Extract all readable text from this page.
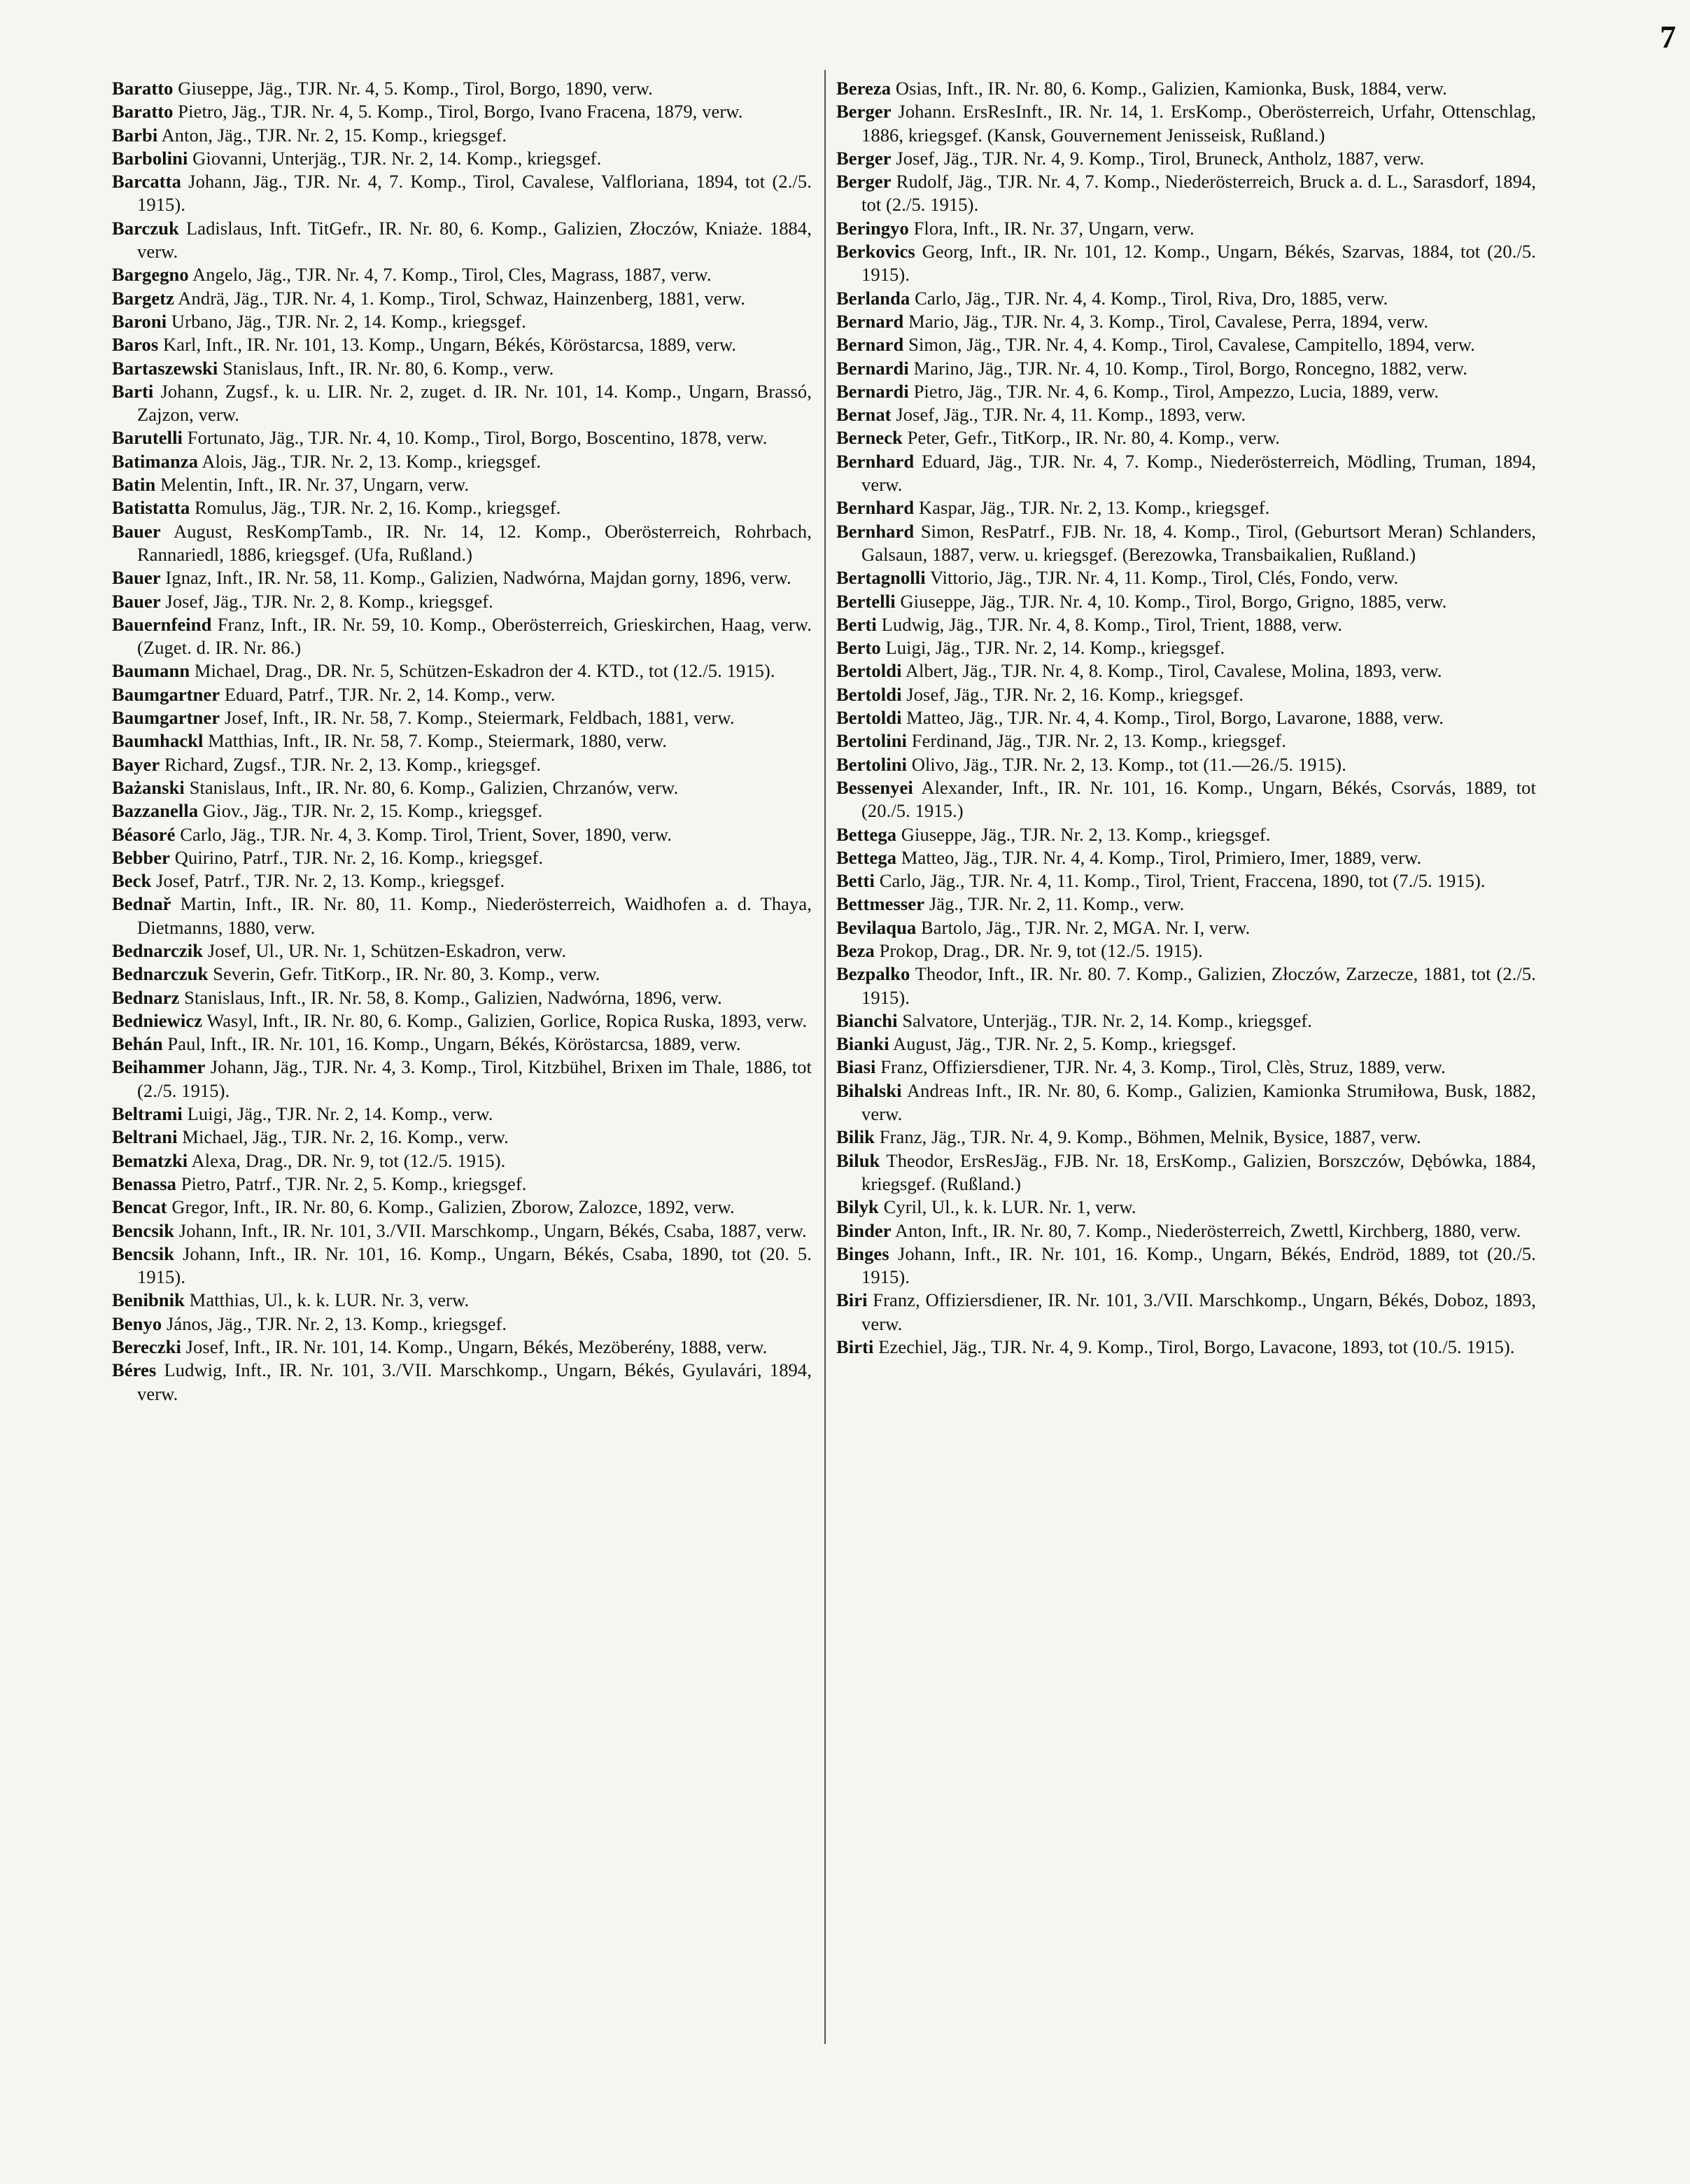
7

Baratto Giuseppe, Jäg., TJR. Nr. 4, 5. Komp., Tirol, Borgo, 1890, verw.

Baratto Pietro, Jäg., TJR. Nr. 4, 5. Komp., Tirol, Borgo, Ivano Fracena, 1879, verw.

Barbi Anton, Jäg., TJR. Nr. 2, 15. Komp., kriegsgef.

Barbolini Giovanni, Unterjäg., TJR. Nr. 2, 14. Komp., kriegsgef.

Barcatta Johann, Jäg., TJR. Nr. 4, 7. Komp., Tirol, Cavalese, Valfloriana, 1894, tot (2./5. 1915).

Barczuk Ladislaus, Inft. TitGefr., IR. Nr. 80, 6. Komp., Galizien, Złoczów, Kniaże. 1884, verw.

Bargegno Angelo, Jäg., TJR. Nr. 4, 7. Komp., Tirol, Cles, Magrass, 1887, verw.

Bargetz Andrä, Jäg., TJR. Nr. 4, 1. Komp., Tirol, Schwaz, Hainzenberg, 1881, verw.

Baroni Urbano, Jäg., TJR. Nr. 2, 14. Komp., kriegsgef.

Baros Karl, Inft., IR. Nr. 101, 13. Komp., Ungarn, Békés, Köröstarcsa, 1889, verw.

Bartaszewski Stanislaus, Inft., IR. Nr. 80, 6. Komp., verw.

Barti Johann, Zugsf., k. u. LIR. Nr. 2, zuget. d. IR. Nr. 101, 14. Komp., Ungarn, Brassó, Zajzon, verw.

Barutelli Fortunato, Jäg., TJR. Nr. 4, 10. Komp., Tirol, Borgo, Boscentino, 1878, verw.

Batimanza Alois, Jäg., TJR. Nr. 2, 13. Komp., kriegsgef.

Batin Melentin, Inft., IR. Nr. 37, Ungarn, verw.

Batistatta Romulus, Jäg., TJR. Nr. 2, 16. Komp., kriegsgef.

Bauer August, ResKompTamb., IR. Nr. 14, 12. Komp., Oberösterreich, Rohrbach, Rannariedl, 1886, kriegsgef. (Ufa, Rußland.)

Bauer Ignaz, Inft., IR. Nr. 58, 11. Komp., Galizien, Nadwórna, Majdan gorny, 1896, verw.

Bauer Josef, Jäg., TJR. Nr. 2, 8. Komp., kriegsgef.

Bauernfeind Franz, Inft., IR. Nr. 59, 10. Komp., Oberösterreich, Grieskirchen, Haag, verw. (Zuget. d. IR. Nr. 86.)

Baumann Michael, Drag., DR. Nr. 5, Schützen-Eskadron der 4. KTD., tot (12./5. 1915).

Baumgartner Eduard, Patrf., TJR. Nr. 2, 14. Komp., verw.

Baumgartner Josef, Inft., IR. Nr. 58, 7. Komp., Steiermark, Feldbach, 1881, verw.

Baumhackl Matthias, Inft., IR. Nr. 58, 7. Komp., Steiermark, 1880, verw.

Bayer Richard, Zugsf., TJR. Nr. 2, 13. Komp., kriegsgef.

Bażanski Stanislaus, Inft., IR. Nr. 80, 6. Komp., Galizien, Chrzanów, verw.

Bazzanella Giov., Jäg., TJR. Nr. 2, 15. Komp., kriegsgef.

Béasoré Carlo, Jäg., TJR. Nr. 4, 3. Komp. Tirol, Trient, Sover, 1890, verw.

Bebber Quirino, Patrf., TJR. Nr. 2, 16. Komp., kriegsgef.

Beck Josef, Patrf., TJR. Nr. 2, 13. Komp., kriegsgef.

Bednař Martin, Inft., IR. Nr. 80, 11. Komp., Niederösterreich, Waidhofen a. d. Thaya, Dietmanns, 1880, verw.

Bednarczik Josef, Ul., UR. Nr. 1, Schützen-Eskadron, verw.

Bednarczuk Severin, Gefr. TitKorp., IR. Nr. 80, 3. Komp., verw.

Bednarz Stanislaus, Inft., IR. Nr. 58, 8. Komp., Galizien, Nadwórna, 1896, verw.

Bedniewicz Wasyl, Inft., IR. Nr. 80, 6. Komp., Galizien, Gorlice, Ropica Ruska, 1893, verw.

Behán Paul, Inft., IR. Nr. 101, 16. Komp., Ungarn, Békés, Köröstarcsa, 1889, verw.

Beihammer Johann, Jäg., TJR. Nr. 4, 3. Komp., Tirol, Kitzbühel, Brixen im Thale, 1886, tot (2./5. 1915).

Beltrami Luigi, Jäg., TJR. Nr. 2, 14. Komp., verw.

Beltrani Michael, Jäg., TJR. Nr. 2, 16. Komp., verw.

Bematzki Alexa, Drag., DR. Nr. 9, tot (12./5. 1915).

Benassa Pietro, Patrf., TJR. Nr. 2, 5. Komp., kriegsgef.

Bencat Gregor, Inft., IR. Nr. 80, 6. Komp., Galizien, Zborow, Zalozce, 1892, verw.

Bencsik Johann, Inft., IR. Nr. 101, 3./VII. Marschkomp., Ungarn, Békés, Csaba, 1887, verw.

Bencsik Johann, Inft., IR. Nr. 101, 16. Komp., Ungarn, Békés, Csaba, 1890, tot (20. 5. 1915).

Benibnik Matthias, Ul., k. k. LUR. Nr. 3, verw.

Benyo János, Jäg., TJR. Nr. 2, 13. Komp., kriegsgef.

Bereczki Josef, Inft., IR. Nr. 101, 14. Komp., Ungarn, Békés, Mezöberény, 1888, verw.

Béres Ludwig, Inft., IR. Nr. 101, 3./VII. Marschkomp., Ungarn, Békés, Gyulavári, 1894, verw.

Bereza Osias, Inft., IR. Nr. 80, 6. Komp., Galizien, Kamionka, Busk, 1884, verw.

Berger Johann. ErsResInft., IR. Nr. 14, 1. ErsKomp., Oberösterreich, Urfahr, Ottenschlag, 1886, kriegsgef. (Kansk, Gouvernement Jenisseisk, Rußland.)

Berger Josef, Jäg., TJR. Nr. 4, 9. Komp., Tirol, Bruneck, Antholz, 1887, verw.

Berger Rudolf, Jäg., TJR. Nr. 4, 7. Komp., Niederösterreich, Bruck a. d. L., Sarasdorf, 1894, tot (2./5. 1915).

Beringyo Flora, Inft., IR. Nr. 37, Ungarn, verw.

Berkovics Georg, Inft., IR. Nr. 101, 12. Komp., Ungarn, Békés, Szarvas, 1884, tot (20./5. 1915).

Berlanda Carlo, Jäg., TJR. Nr. 4, 4. Komp., Tirol, Riva, Dro, 1885, verw.

Bernard Mario, Jäg., TJR. Nr. 4, 3. Komp., Tirol, Cavalese, Perra, 1894, verw.

Bernard Simon, Jäg., TJR. Nr. 4, 4. Komp., Tirol, Cavalese, Campitello, 1894, verw.

Bernardi Marino, Jäg., TJR. Nr. 4, 10. Komp., Tirol, Borgo, Roncegno, 1882, verw.

Bernardi Pietro, Jäg., TJR. Nr. 4, 6. Komp., Tirol, Ampezzo, Lucia, 1889, verw.

Bernat Josef, Jäg., TJR. Nr. 4, 11. Komp., 1893, verw.

Berneck Peter, Gefr., TitKorp., IR. Nr. 80, 4. Komp., verw.

Bernhard Eduard, Jäg., TJR. Nr. 4, 7. Komp., Niederösterreich, Mödling, Truman, 1894, verw.

Bernhard Kaspar, Jäg., TJR. Nr. 2, 13. Komp., kriegsgef.

Bernhard Simon, ResPatrf., FJB. Nr. 18, 4. Komp., Tirol, (Geburtsort Meran) Schlanders, Galsaun, 1887, verw. u. kriegsgef. (Berezowka, Transbaikalien, Rußland.)

Bertagnolli Vittorio, Jäg., TJR. Nr. 4, 11. Komp., Tirol, Clés, Fondo, verw.

Bertelli Giuseppe, Jäg., TJR. Nr. 4, 10. Komp., Tirol, Borgo, Grigno, 1885, verw.

Berti Ludwig, Jäg., TJR. Nr. 4, 8. Komp., Tirol, Trient, 1888, verw.

Berto Luigi, Jäg., TJR. Nr. 2, 14. Komp., kriegsgef.

Bertoldi Albert, Jäg., TJR. Nr. 4, 8. Komp., Tirol, Cavalese, Molina, 1893, verw.

Bertoldi Josef, Jäg., TJR. Nr. 2, 16. Komp., kriegsgef.

Bertoldi Matteo, Jäg., TJR. Nr. 4, 4. Komp., Tirol, Borgo, Lavarone, 1888, verw.

Bertolini Ferdinand, Jäg., TJR. Nr. 2, 13. Komp., kriegsgef.

Bertolini Olivo, Jäg., TJR. Nr. 2, 13. Komp., tot (11.—26./5. 1915).

Bessenyei Alexander, Inft., IR. Nr. 101, 16. Komp., Ungarn, Békés, Csorvás, 1889, tot (20./5. 1915.)

Bettega Giuseppe, Jäg., TJR. Nr. 2, 13. Komp., kriegsgef.

Bettega Matteo, Jäg., TJR. Nr. 4, 4. Komp., Tirol, Primiero, Imer, 1889, verw.

Betti Carlo, Jäg., TJR. Nr. 4, 11. Komp., Tirol, Trient, Fraccena, 1890, tot (7./5. 1915).

Bettmesser Jäg., TJR. Nr. 2, 11. Komp., verw.

Bevilaqua Bartolo, Jäg., TJR. Nr. 2, MGA. Nr. I, verw.

Beza Prokop, Drag., DR. Nr. 9, tot (12./5. 1915).

Bezpalko Theodor, Inft., IR. Nr. 80. 7. Komp., Galizien, Złoczów, Zarzecze, 1881, tot (2./5. 1915).

Bianchi Salvatore, Unterjäg., TJR. Nr. 2, 14. Komp., kriegsgef.

Bianki August, Jäg., TJR. Nr. 2, 5. Komp., kriegsgef.

Biasi Franz, Offiziersdiener, TJR. Nr. 4, 3. Komp., Tirol, Clès, Struz, 1889, verw.

Bihalski Andreas Inft., IR. Nr. 80, 6. Komp., Galizien, Kamionka Strumiłowa, Busk, 1882, verw.

Bilik Franz, Jäg., TJR. Nr. 4, 9. Komp., Böhmen, Melnik, Bysice, 1887, verw.

Biluk Theodor, ErsResJäg., FJB. Nr. 18, ErsKomp., Galizien, Borszczów, Dębówka, 1884, kriegsgef. (Rußland.)

Bilyk Cyril, Ul., k. k. LUR. Nr. 1, verw.

Binder Anton, Inft., IR. Nr. 80, 7. Komp., Niederösterreich, Zwettl, Kirchberg, 1880, verw.

Binges Johann, Inft., IR. Nr. 101, 16. Komp., Ungarn, Békés, Endröd, 1889, tot (20./5. 1915).

Biri Franz, Offiziersdiener, IR. Nr. 101, 3./VII. Marschkomp., Ungarn, Békés, Doboz, 1893, verw.

Birti Ezechiel, Jäg., TJR. Nr. 4, 9. Komp., Tirol, Borgo, Lavacone, 1893, tot (10./5. 1915).
